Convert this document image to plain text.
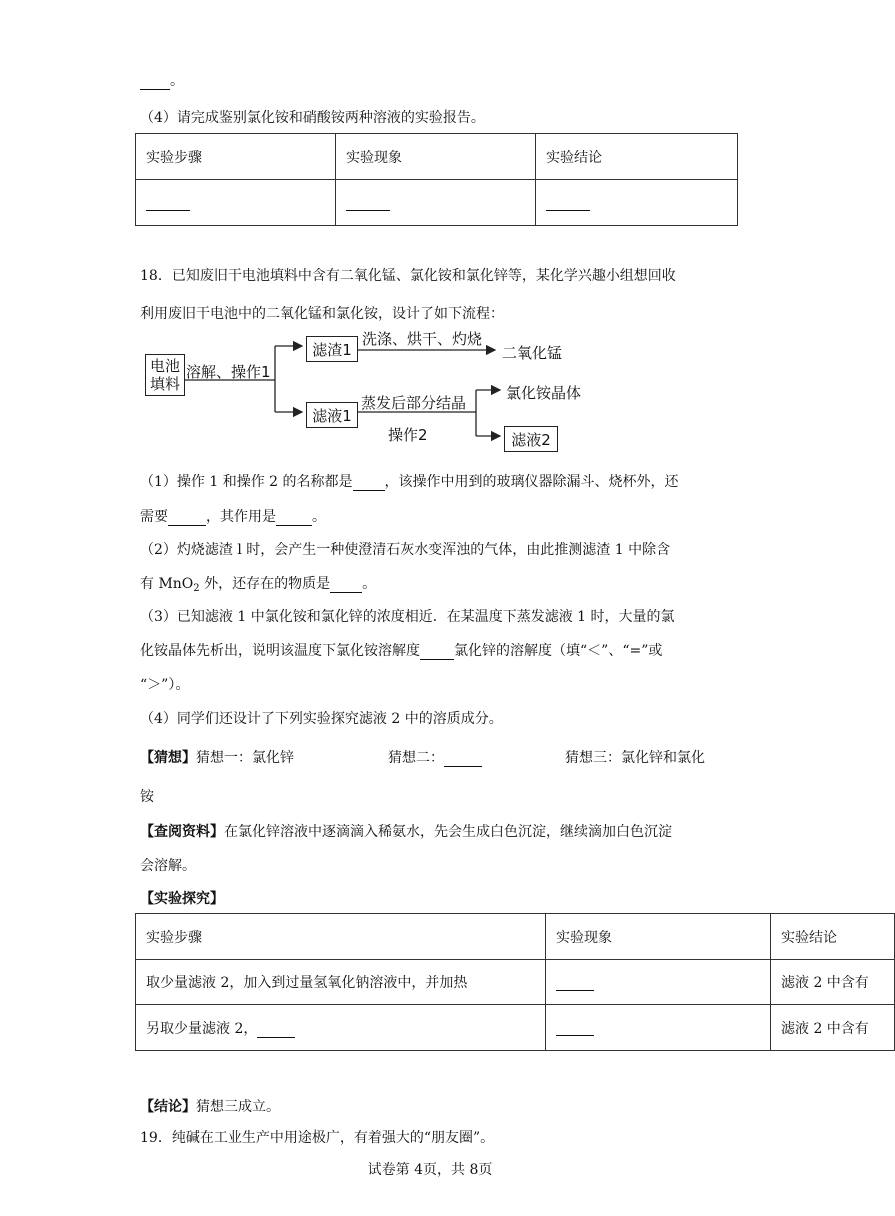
。
（4）请完成鉴别氯化铵和硝酸铵两种溶液的实验报告。
实验步骤	实验现象	实验结论

18．已知废旧干电池填料中含有二氧化锰、氯化铵和氯化锌等，某化学兴趣小组想回收
利用废旧干电池中的二氧化锰和氯化铵，设计了如下流程：
电池
填料
溶解、操作1
滤渣1
洗涤、烘干、灼烧
二氧化锰
滤液1
蒸发后部分结晶
操作2
氯化铵晶体
滤液2
（1）操作 1 和操作 2 的名称都是 ，该操作中用到的玻璃仪器除漏斗、烧杯外，还
需要	，其作用是	。
（2）灼烧滤渣 l 时，会产生一种使澄清石灰水变浑浊的气体，由此推测滤渣 1 中除含
有 MnO$_2$ 外，还存在的物质是 。
（3）已知滤液 1 中氯化铵和氯化锌的浓度相近．在某温度下蒸发滤液 1 时，大量的氯
化铵晶体先析出，说明该温度下氯化铵溶解度 氯化锌的溶解度（填“＜”、“=”或
“＞”）。
（4）同学们还设计了下列实验探究滤液 2 中的溶质成分。
【猜想】猜想一：氯化锌	猜想二：	猜想三：氯化锌和氯化
铵
【查阅资料】在氯化锌溶液中逐滴滴入稀氨水，先会生成白色沉淀，继续滴加白色沉淀
会溶解。
【实验探究】
实验步骤	实验现象	实验结论
取少量滤液 2，加入到过量氢氧化钠溶液中，并加热		滤液 2 中含有
另取少量滤液 2，		滤液 2 中含有
【结论】猜想三成立。
19．纯碱在工业生产中用途极广，有着强大的“朋友圈”。
试卷第 4页，共 8页
